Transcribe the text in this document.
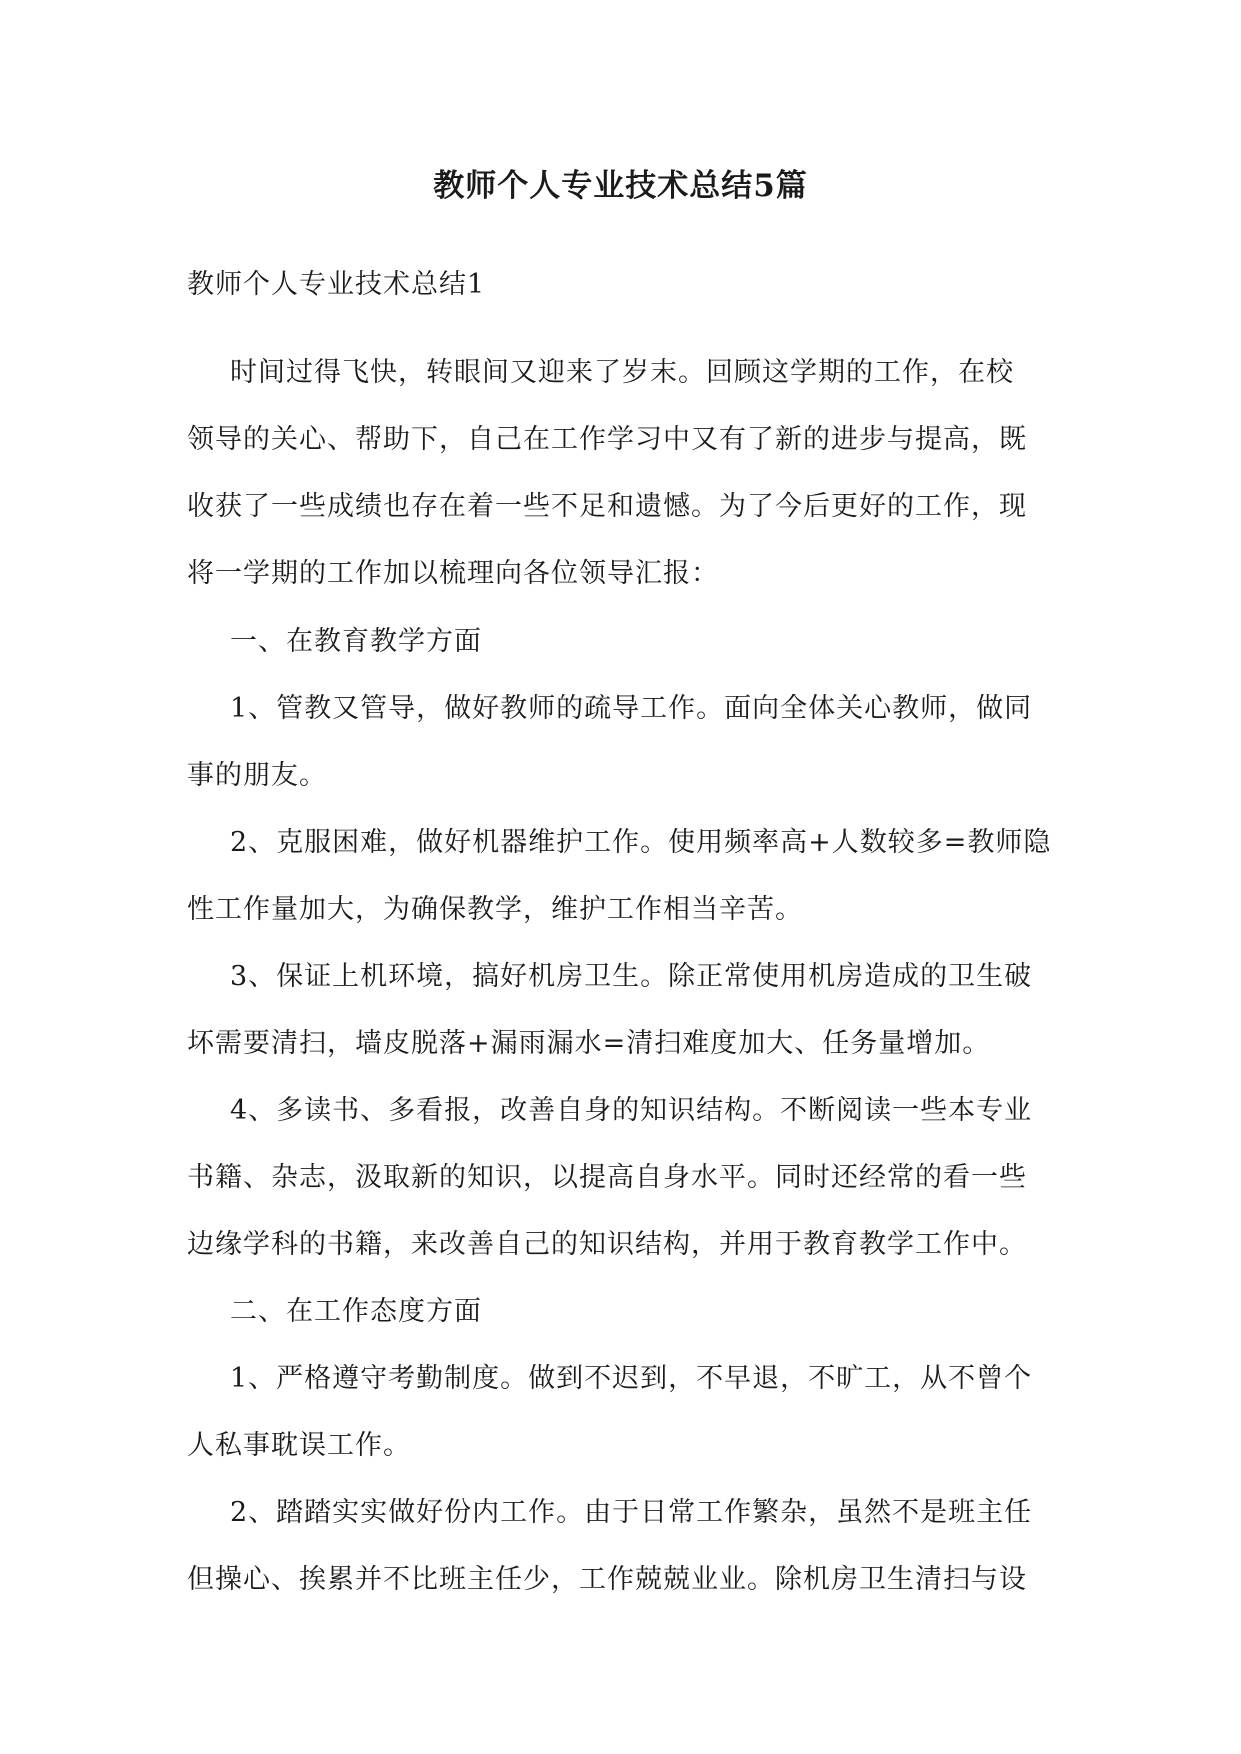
教师个人专业技术总结5篇

教师个人专业技术总结1

时间过得飞快，转眼间又迎来了岁末。回顾这学期的工作，在校

领导的关心、帮助下，自己在工作学习中又有了新的进步与提高，既

收获了一些成绩也存在着一些不足和遗憾。为了今后更好的工作，现

将一学期的工作加以梳理向各位领导汇报：

一、在教育教学方面

1、管教又管导，做好教师的疏导工作。面向全体关心教师，做同

事的朋友。

2、克服困难，做好机器维护工作。使用频率高+人数较多=教师隐

性工作量加大，为确保教学，维护工作相当辛苦。

3、保证上机环境，搞好机房卫生。除正常使用机房造成的卫生破

坏需要清扫，墙皮脱落+漏雨漏水=清扫难度加大、任务量增加。

4、多读书、多看报，改善自身的知识结构。不断阅读一些本专业

书籍、杂志，汲取新的知识，以提高自身水平。同时还经常的看一些

边缘学科的书籍，来改善自己的知识结构，并用于教育教学工作中。

二、在工作态度方面

1、严格遵守考勤制度。做到不迟到，不早退，不旷工，从不曾个

人私事耽误工作。

2、踏踏实实做好份内工作。由于日常工作繁杂，虽然不是班主任

但操心、挨累并不比班主任少，工作兢兢业业。除机房卫生清扫与设
